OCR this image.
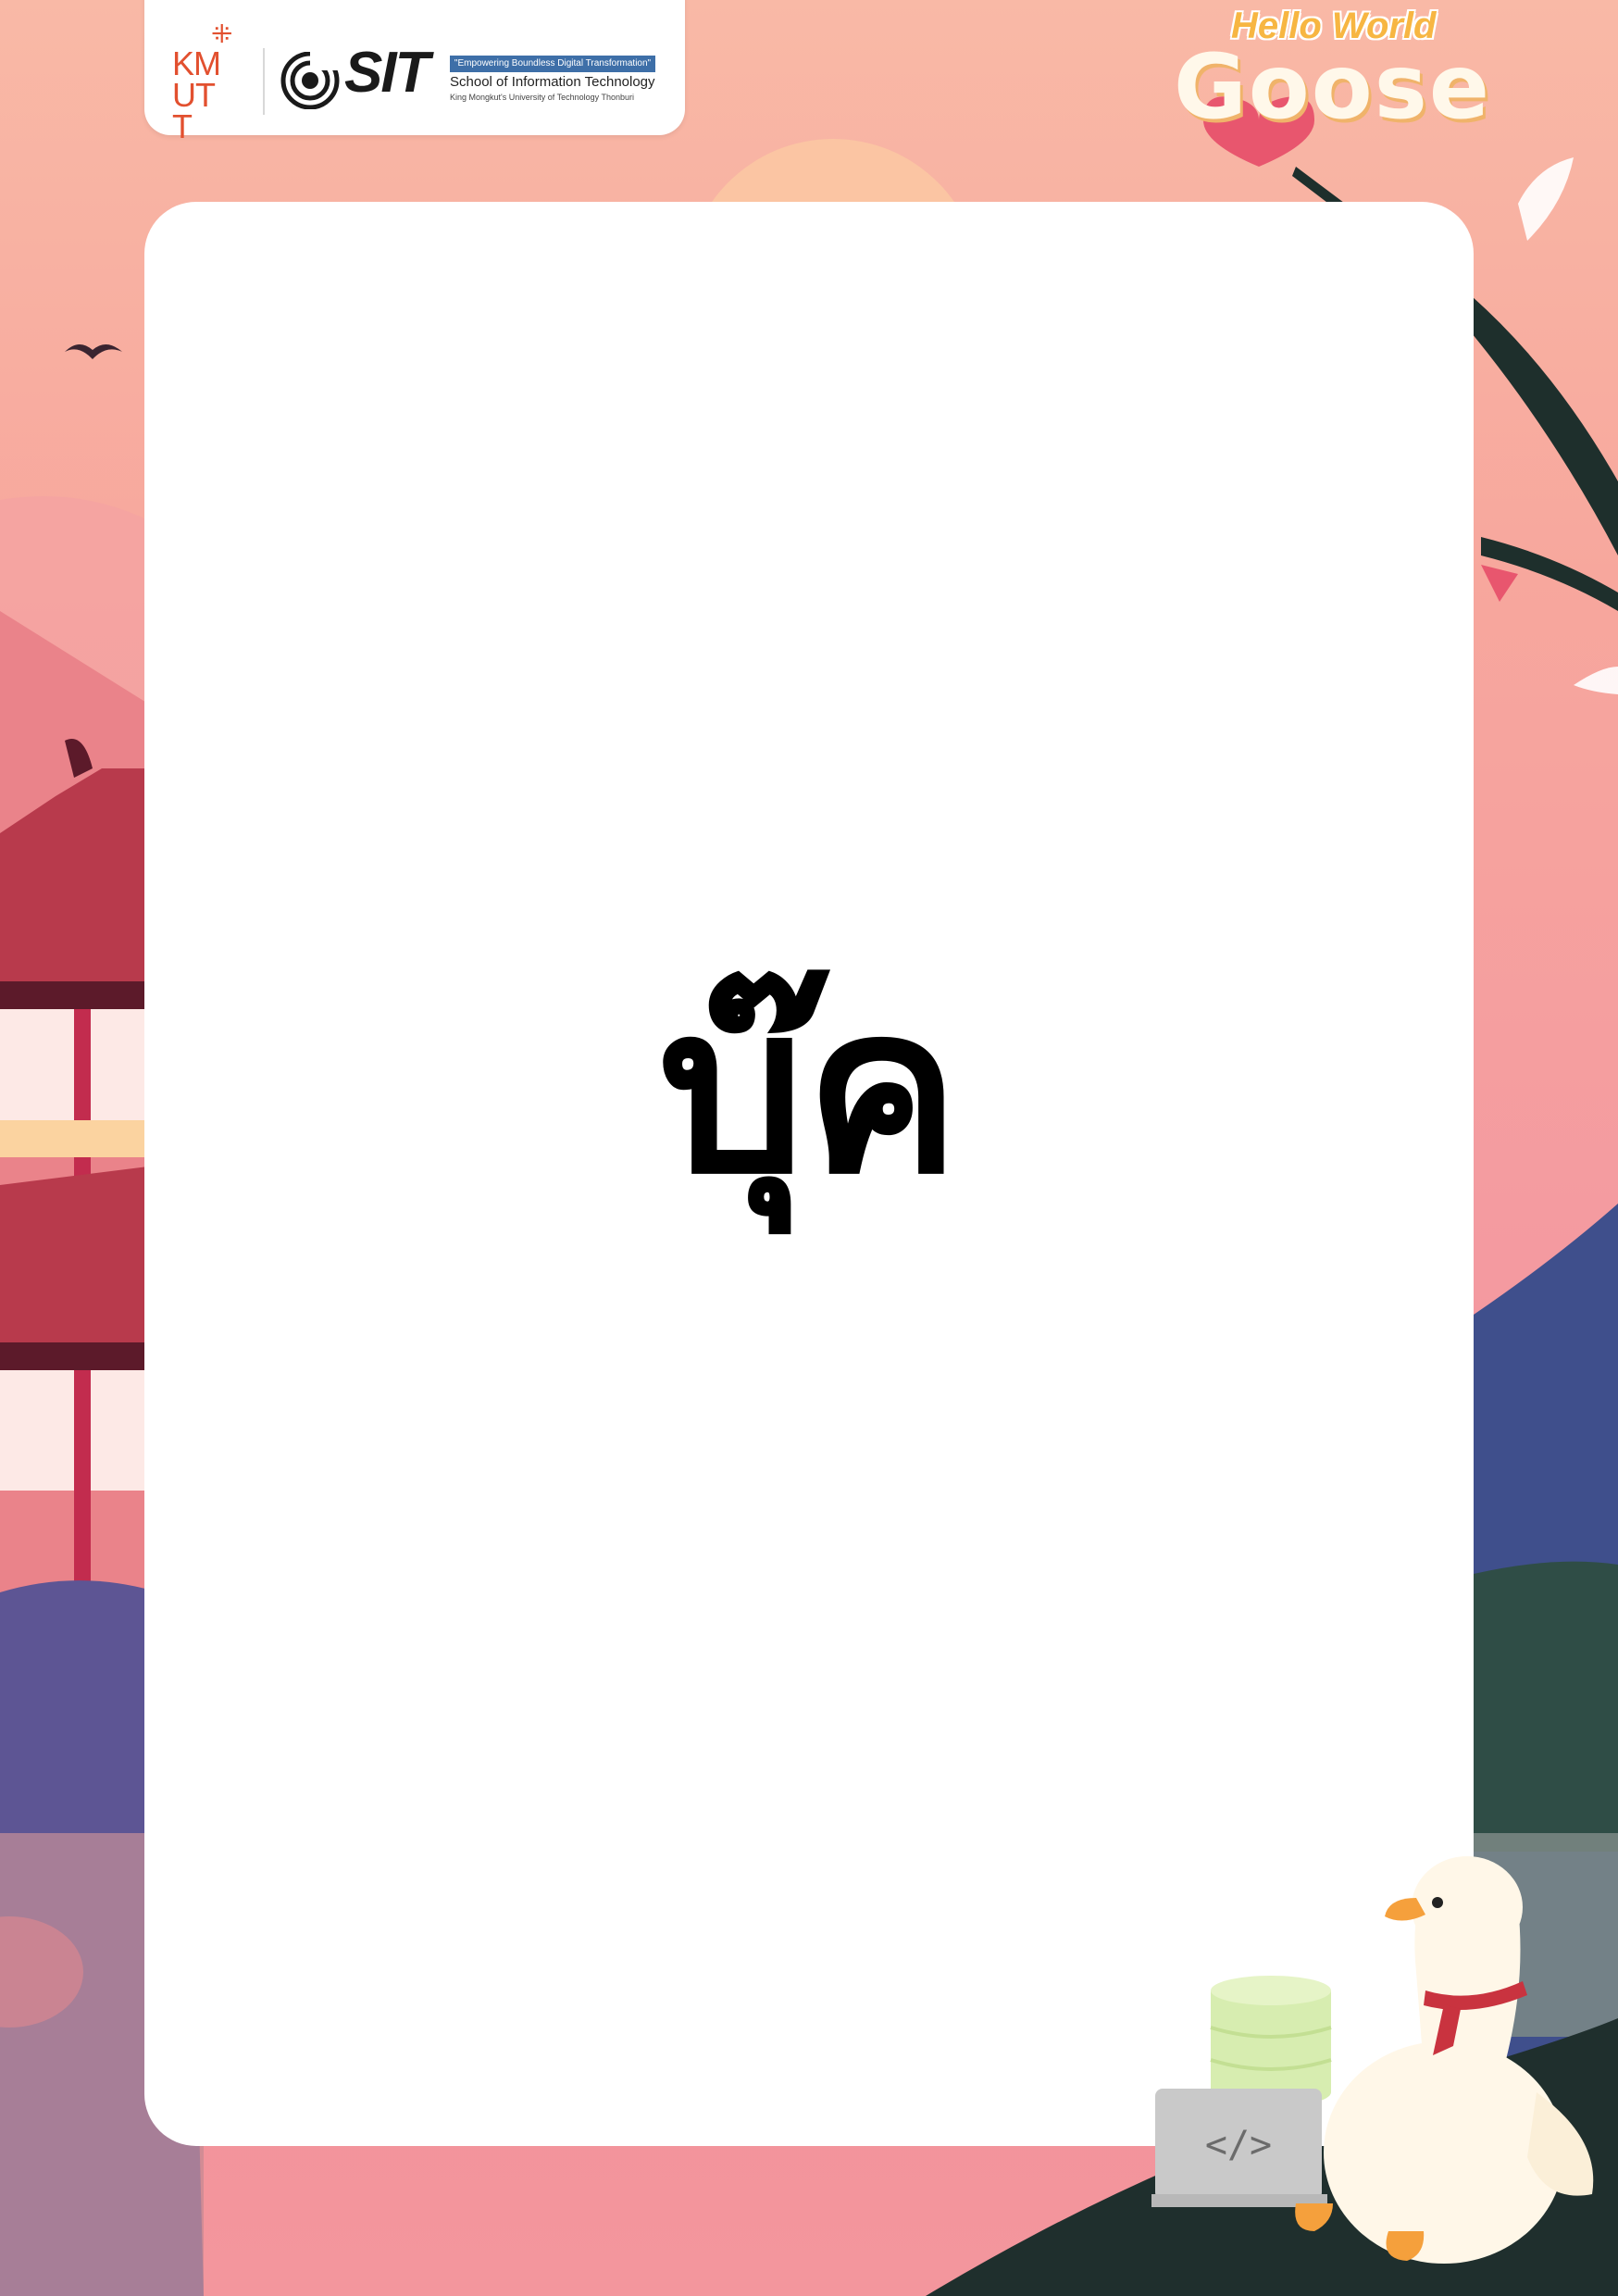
⁜
KMUTT
SIT	"Empowering Boundless Digital Transformation"
School of Information Technology
King Mongkut's University of Technology Thonburi
Hello World
Goose
บุ๊ค
</>
